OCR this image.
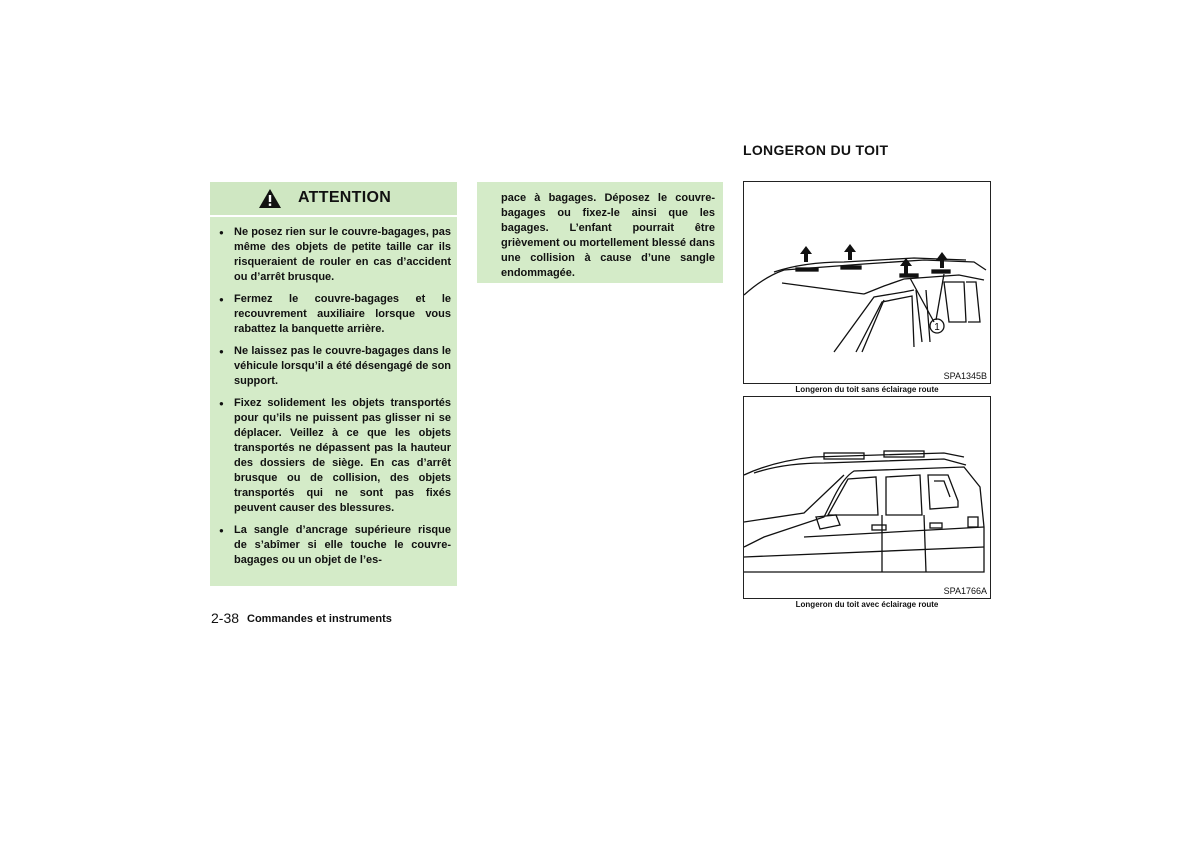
ATTENTION
● Ne posez rien sur le couvre-bagages, pas même des objets de petite taille car ils risqueraient de rouler en cas d’accident ou d’arrêt brusque.
● Fermez le couvre-bagages et le recouvrement auxiliaire lorsque vous rabattez la banquette arrière.
● Ne laissez pas le couvre-bagages dans le véhicule lorsqu’il a été désengagé de son support.
● Fixez solidement les objets transportés pour qu’ils ne puissent pas glisser ni se déplacer. Veillez à ce que les objets transportés ne dépassent pas la hauteur des dossiers de siège. En cas d’arrêt brusque ou de collision, des objets transportés qui ne sont pas fixés peuvent causer des blessures.
● La sangle d’ancrage supérieure risque de s’abîmer si elle touche le couvre-bagages ou un objet de l’es-

pace à bagages. Déposez le couvre-bagages ou fixez-le ainsi que les bagages. L’enfant pourrait être grièvement ou mortellement blessé dans une collision à cause d’une sangle endommagée.

LONGERON DU TOIT
1
SPA1345B
Longeron du toit sans éclairage route
SPA1766A
Longeron du toit avec éclairage route
2-38 Commandes et instruments
